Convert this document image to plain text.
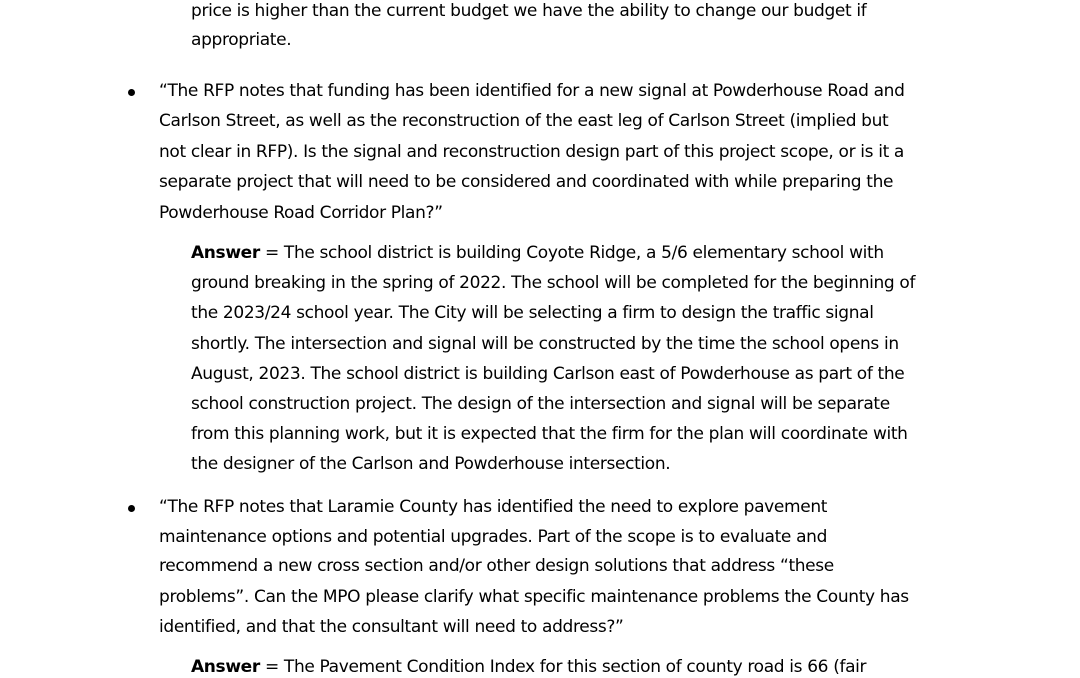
price is higher than the current budget we have the ability to change our budget if
appropriate.
“The RFP notes that funding has been identified for a new signal at Powderhouse Road and
Carlson Street, as well as the reconstruction of the east leg of Carlson Street (implied but
not clear in RFP). Is the signal and reconstruction design part of this project scope, or is it a
separate project that will need to be considered and coordinated with while preparing the
Powderhouse Road Corridor Plan?”
Answer = The school district is building Coyote Ridge, a 5/6 elementary school with
ground breaking in the spring of 2022. The school will be completed for the beginning of
the 2023/24 school year. The City will be selecting a firm to design the traffic signal
shortly. The intersection and signal will be constructed by the time the school opens in
August, 2023. The school district is building Carlson east of Powderhouse as part of the
school construction project. The design of the intersection and signal will be separate
from this planning work, but it is expected that the firm for the plan will coordinate with
the designer of the Carlson and Powderhouse intersection.
“The RFP notes that Laramie County has identified the need to explore pavement
maintenance options and potential upgrades. Part of the scope is to evaluate and
recommend a new cross section and/or other design solutions that address “these
problems”. Can the MPO please clarify what specific maintenance problems the County has
identified, and that the consultant will need to address?”
Answer = The Pavement Condition Index for this section of county road is 66 (fair
